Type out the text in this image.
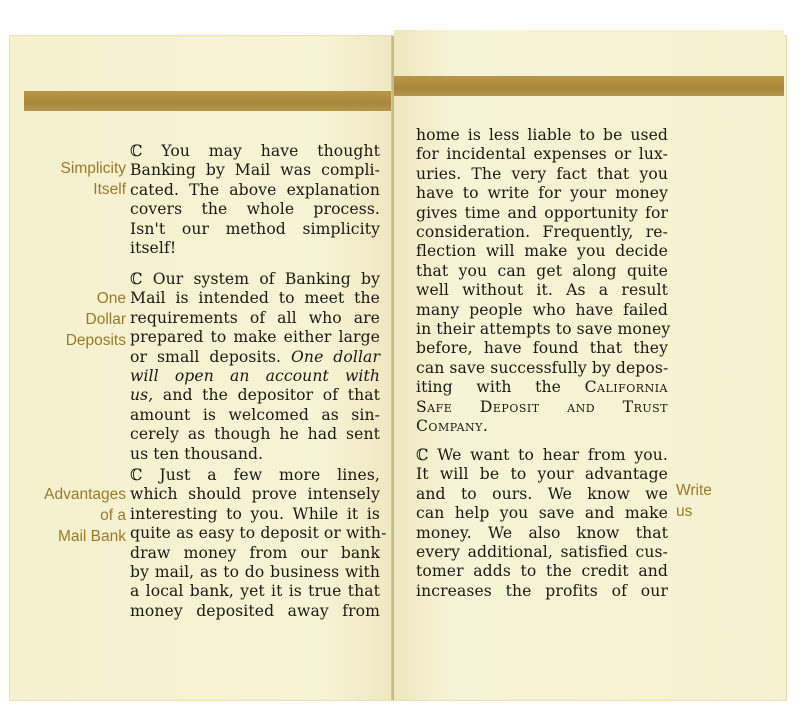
Simplicity
Itself
ℂ You may have thought
Banking by Mail was compli-
cated. The above explanation
covers the whole process.
Isn't our method simplicity
itself!
One
Dollar
Deposits
ℂ Our system of Banking by
Mail is intended to meet the
requirements of all who are
prepared to make either large
or small deposits. One dollar
will open an account with
us, and the depositor of that
amount is welcomed as sin-
cerely as though he had sent
us ten thousand.
Advantages
of a
Mail Bank
ℂ Just a few more lines,
which should prove intensely
interesting to you. While it is
quite as easy to deposit or with-
draw money from our bank
by mail, as to do business with
a local bank, yet it is true that
money deposited away from
home is less liable to be used
for incidental expenses or lux-
uries. The very fact that you
have to write for your money
gives time and opportunity for
consideration. Frequently, re-
flection will make you decide
that you can get along quite
well without it. As a result
many people who have failed
in their attempts to save money
before, have found that they
can save successfully by depos-
iting with the California
Safe Deposit and Trust
Company.
ℂ We want to hear from you.
It will be to your advantage
and to ours. We know we
can help you save and make
money. We also know that
every additional, satisfied cus-
tomer adds to the credit and
increases the profits of our
Write
us
